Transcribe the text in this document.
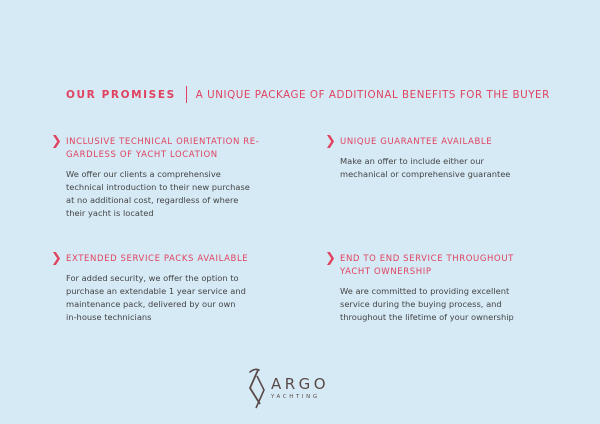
OUR PROMISES A UNIQUE PACKAGE OF ADDITIONAL BENEFITS FOR THE BUYER
❯ INCLUSIVE TECHNICAL ORIENTATION RE-
GARDLESS OF YACHT LOCATION
We offer our clients a comprehensive
technical introduction to their new purchase
at no additional cost, regardless of where
their yacht is located
❯ UNIQUE GUARANTEE AVAILABLE
Make an offer to include either our
mechanical or comprehensive guarantee
❯ EXTENDED SERVICE PACKS AVAILABLE
For added security, we offer the option to
purchase an extendable 1 year service and
maintenance pack, delivered by our own
in-house technicians
❯ END TO END SERVICE THROUGHOUT
YACHT OWNERSHIP
We are committed to providing excellent
service during the buying process, and
throughout the lifetime of your ownership
ARGO
YACHTING
